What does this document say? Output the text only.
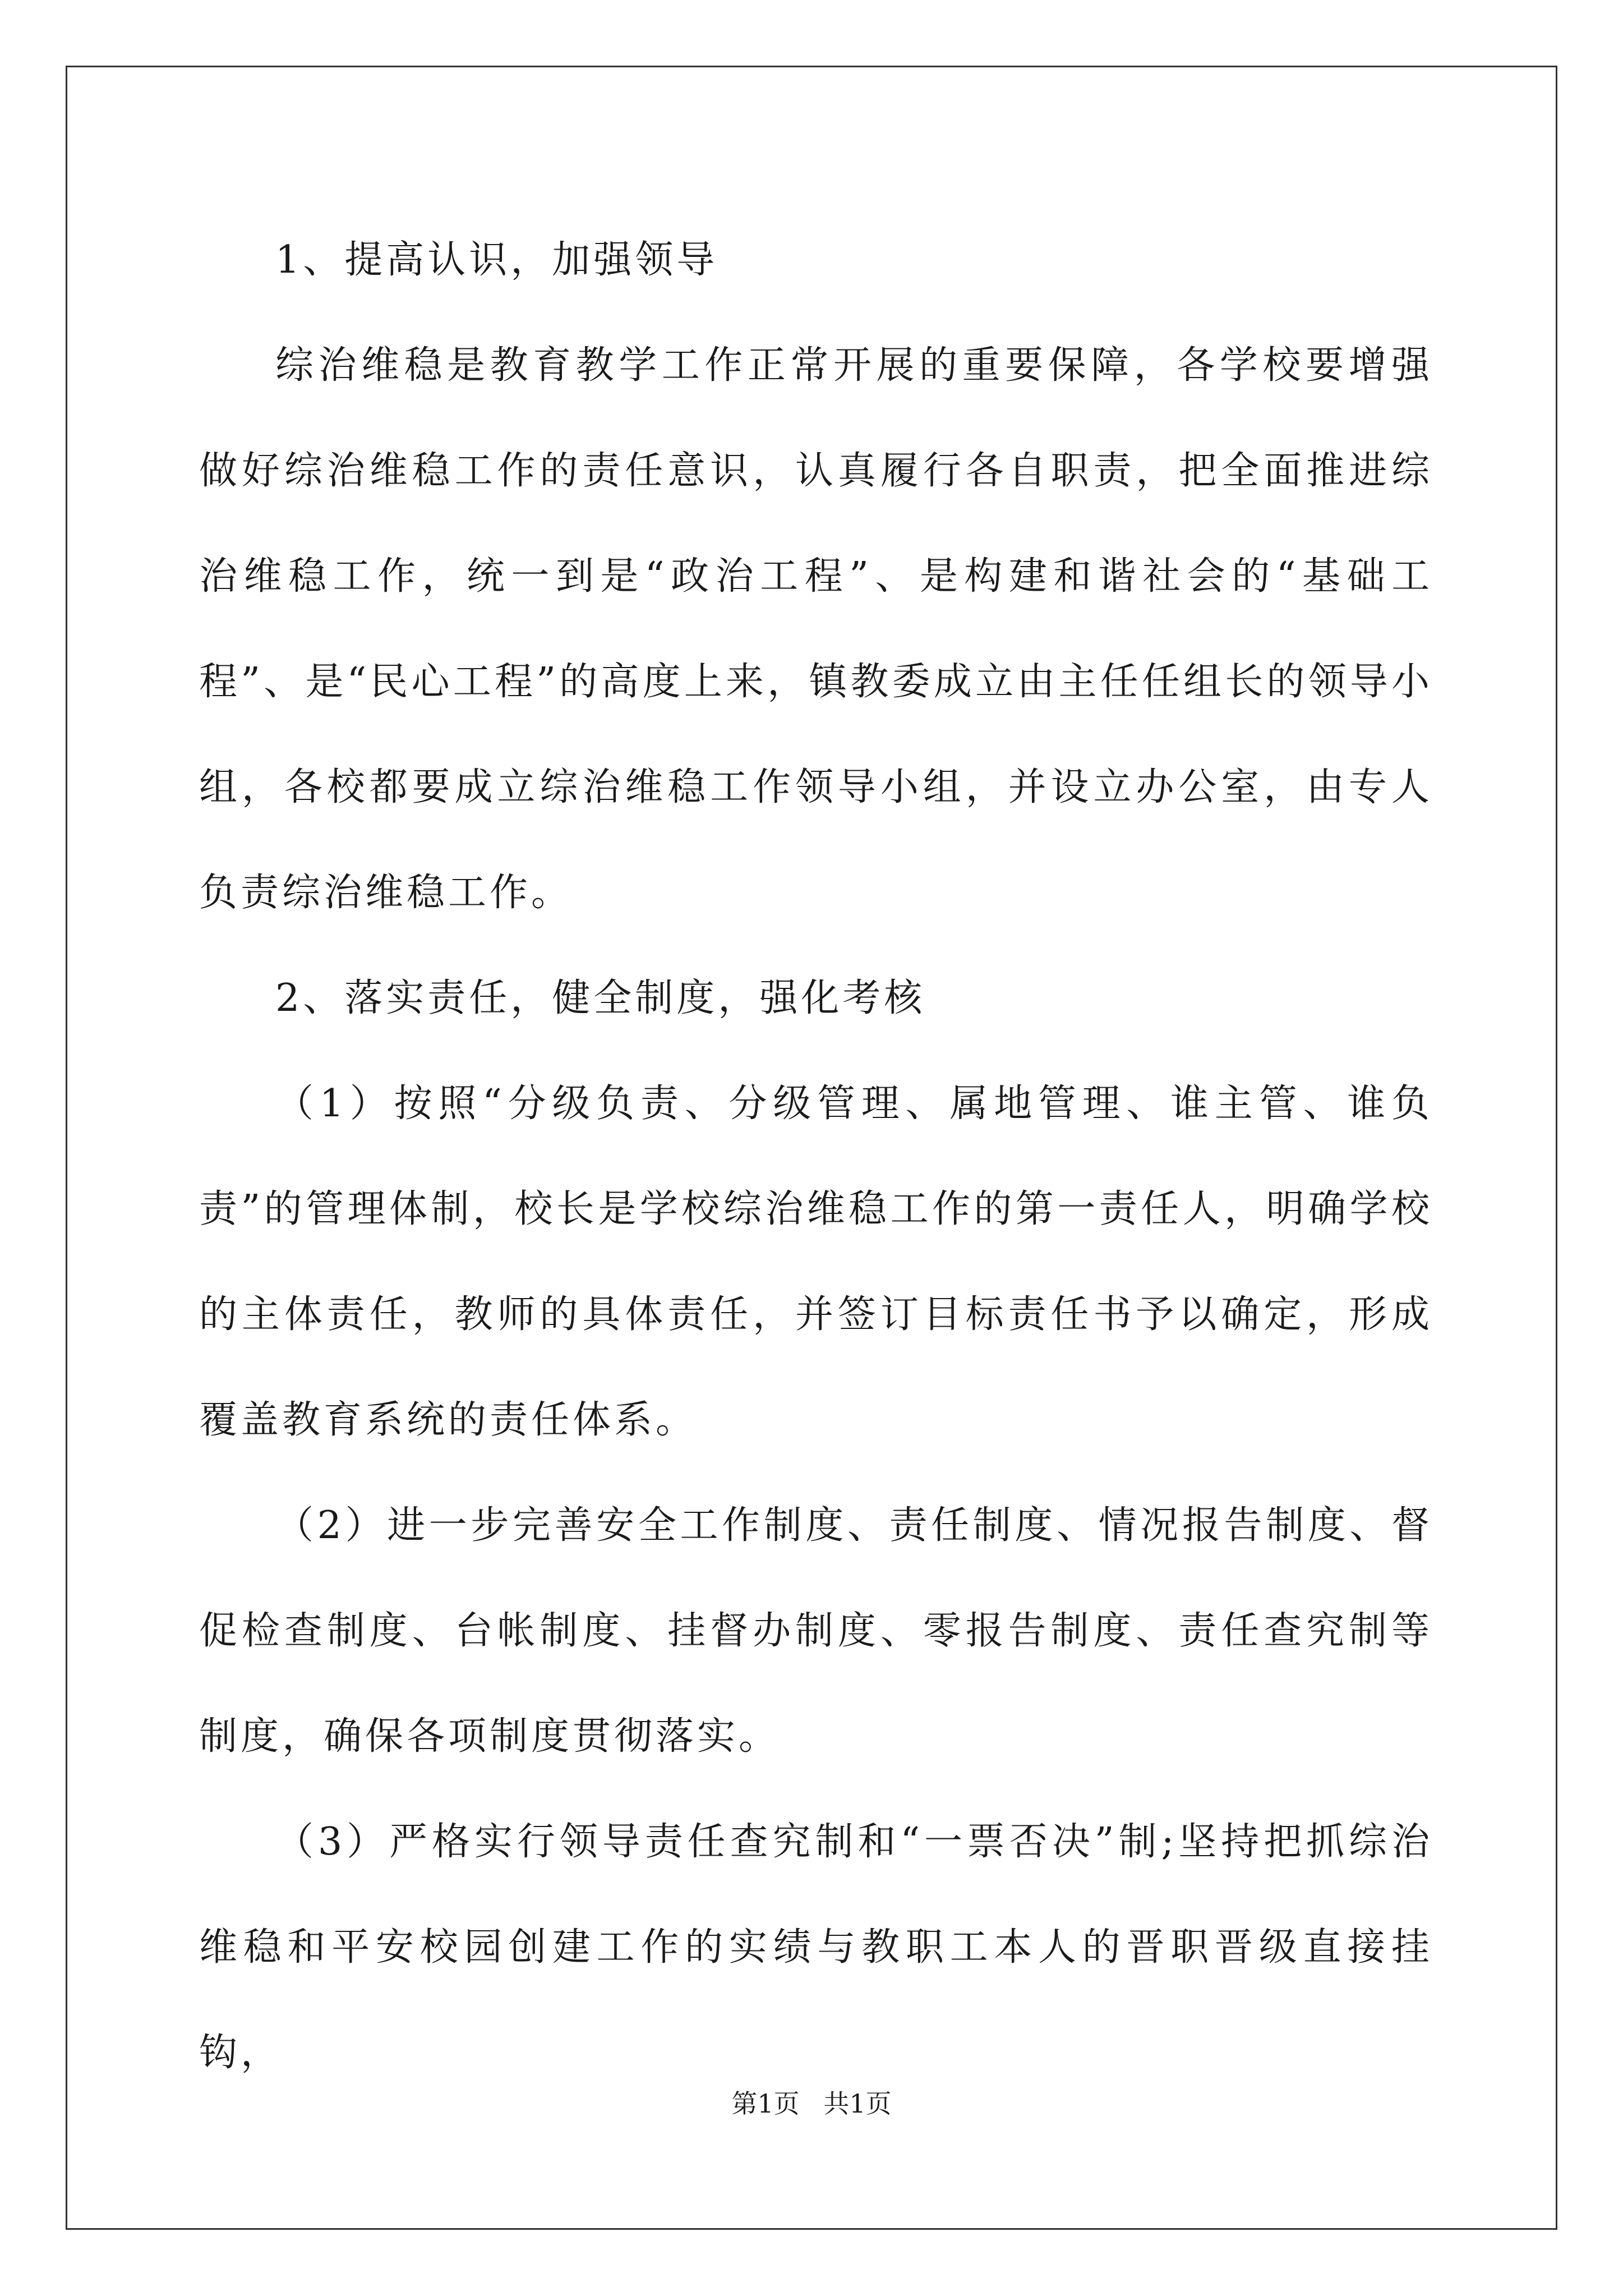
1、提高认识，加强领导

综治维稳是教育教学工作正常开展的重要保障，各学校要增强做好综治维稳工作的责任意识，认真履行各自职责，把全面推进综治维稳工作，统一到是“政治工程”、是构建和谐社会的“基础工程”、是“民心工程”的高度上来，镇教委成立由主任任组长的领导小组，各校都要成立综治维稳工作领导小组，并设立办公室，由专人负责综治维稳工作。

2、落实责任，健全制度，强化考核

（1）按照“分级负责、分级管理、属地管理、谁主管、谁负责”的管理体制，校长是学校综治维稳工作的第一责任人，明确学校的主体责任，教师的具体责任，并签订目标责任书予以确定，形成覆盖教育系统的责任体系。

（2）进一步完善安全工作制度、责任制度、情况报告制度、督促检查制度、台帐制度、挂督办制度、零报告制度、责任查究制等制度，确保各项制度贯彻落实。

（3）严格实行领导责任查究制和“一票否决”制;坚持把抓综治维稳和平安校园创建工作的实绩与教职工本人的晋职晋级直接挂钩，

第1页 共1页
